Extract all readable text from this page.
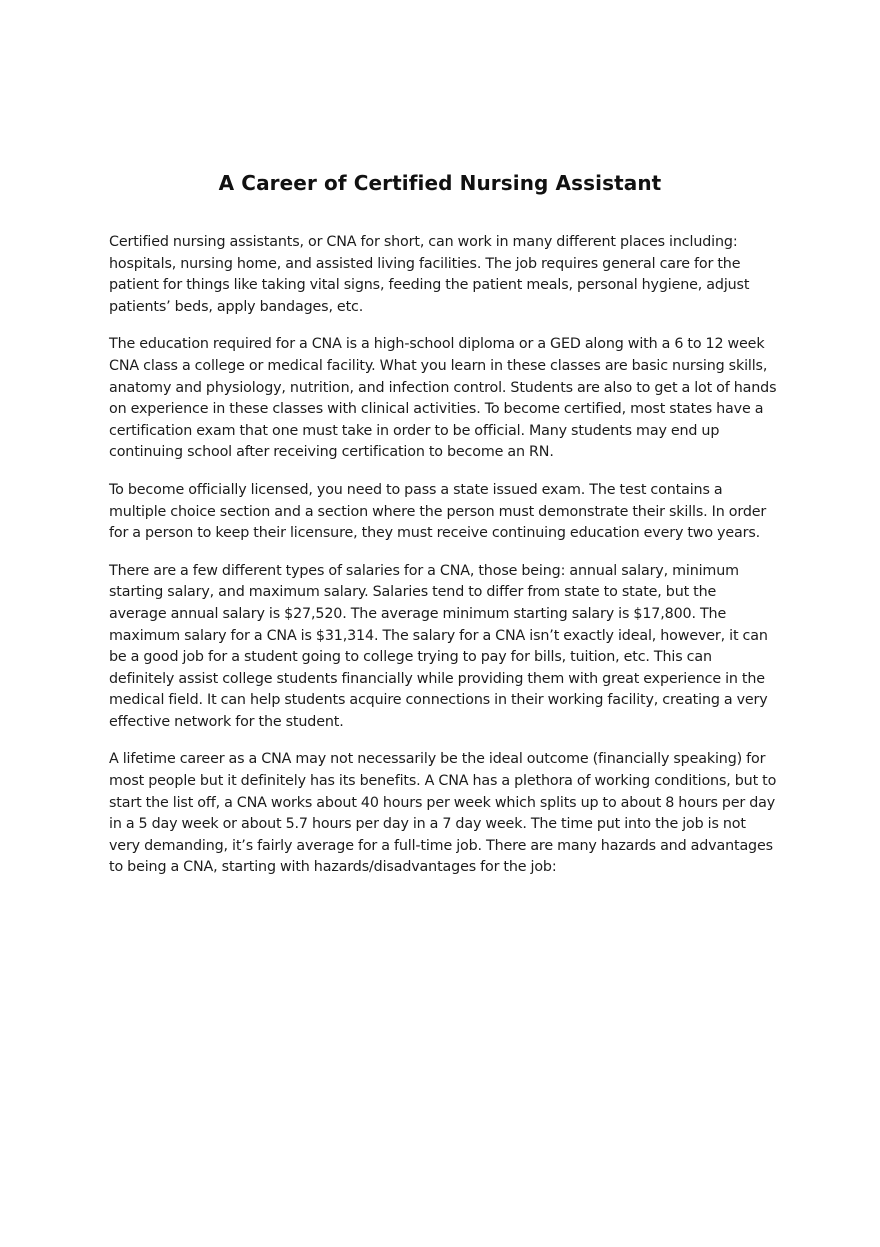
A Career of Certified Nursing Assistant

Certified nursing assistants, or CNA for short, can work in many different places including: hospitals, nursing home, and assisted living facilities. The job requires general care for the patient for things like taking vital signs, feeding the patient meals, personal hygiene, adjust patients’ beds, apply bandages, etc.

The education required for a CNA is a high-school diploma or a GED along with a 6 to 12 week CNA class a college or medical facility. What you learn in these classes are basic nursing skills, anatomy and physiology, nutrition, and infection control. Students are also to get a lot of hands on experience in these classes with clinical activities. To become certified, most states have a certification exam that one must take in order to be official. Many students may end up continuing school after receiving certification to become an RN.

To become officially licensed, you need to pass a state issued exam. The test contains a multiple choice section and a section where the person must demonstrate their skills. In order for a person to keep their licensure, they must receive continuing education every two years.

There are a few different types of salaries for a CNA, those being: annual salary, minimum starting salary, and maximum salary. Salaries tend to differ from state to state, but the average annual salary is $27,520. The average minimum starting salary is $17,800. The maximum salary for a CNA is $31,314. The salary for a CNA isn’t exactly ideal, however, it can be a good job for a student going to college trying to pay for bills, tuition, etc. This can definitely assist college students financially while providing them with great experience in the medical field. It can help students acquire connections in their working facility, creating a very effective network for the student.

A lifetime career as a CNA may not necessarily be the ideal outcome (financially speaking) for most people but it definitely has its benefits. A CNA has a plethora of working conditions, but to start the list off, a CNA works about 40 hours per week which splits up to about 8 hours per day in a 5 day week or about 5.7 hours per day in a 7 day week. The time put into the job is not very demanding, it’s fairly average for a full-time job. There are many hazards and advantages to being a CNA, starting with hazards/disadvantages for the job:
